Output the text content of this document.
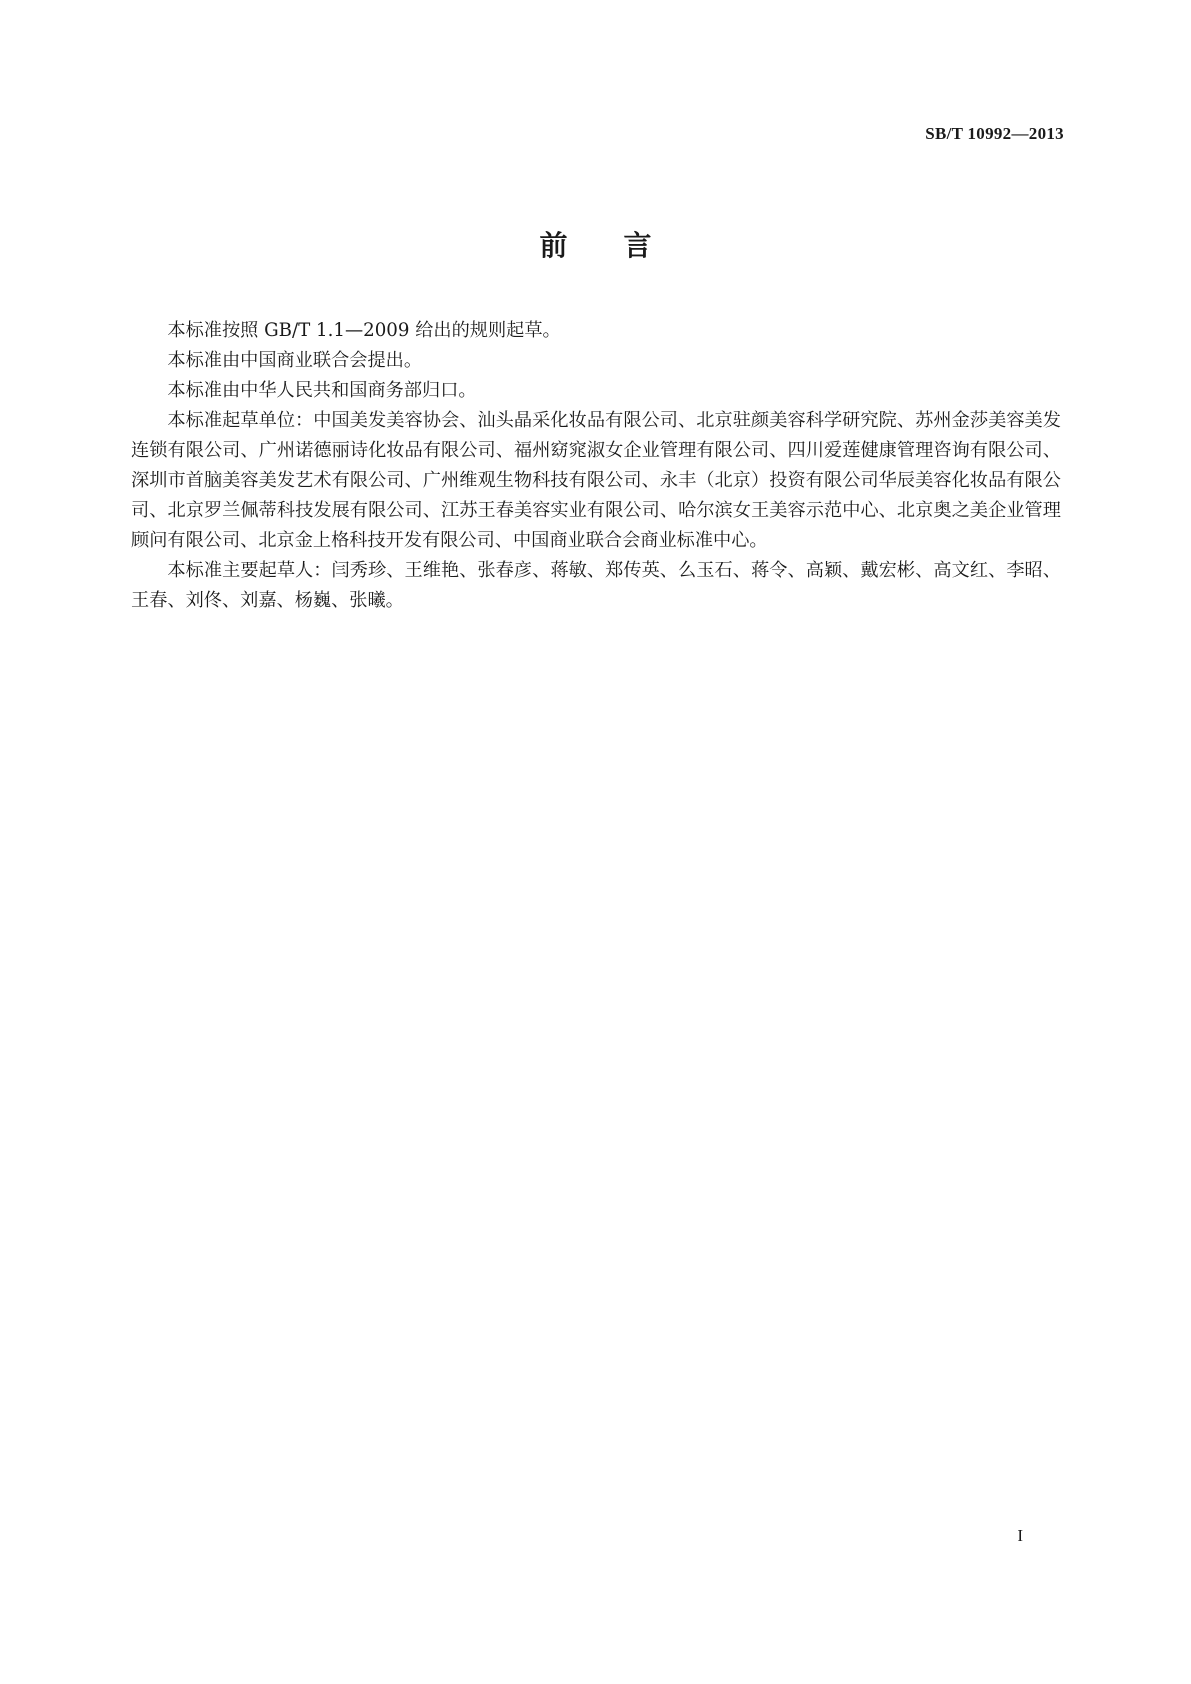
SB/T 10992—2013
前言

本标准按照 GB/T 1.1—2009 给出的规则起草。

本标准由中国商业联合会提出。

本标准由中华人民共和国商务部归口。

本标准起草单位：中国美发美容协会、汕头晶采化妆品有限公司、北京驻颜美容科学研究院、苏州金莎美容美发连锁有限公司、广州诺德丽诗化妆品有限公司、福州窈窕淑女企业管理有限公司、四川爱莲健康管理咨询有限公司、深圳市首脑美容美发艺术有限公司、广州维观生物科技有限公司、永丰（北京）投资有限公司华辰美容化妆品有限公司、北京罗兰佩蒂科技发展有限公司、江苏王春美容实业有限公司、哈尔滨女王美容示范中心、北京奥之美企业管理顾问有限公司、北京金上格科技开发有限公司、中国商业联合会商业标准中心。

本标准主要起草人：闫秀珍、王维艳、张春彦、蒋敏、郑传英、么玉石、蒋令、高颖、戴宏彬、高文红、李昭、王春、刘佟、刘嘉、杨巍、张曦。

I
